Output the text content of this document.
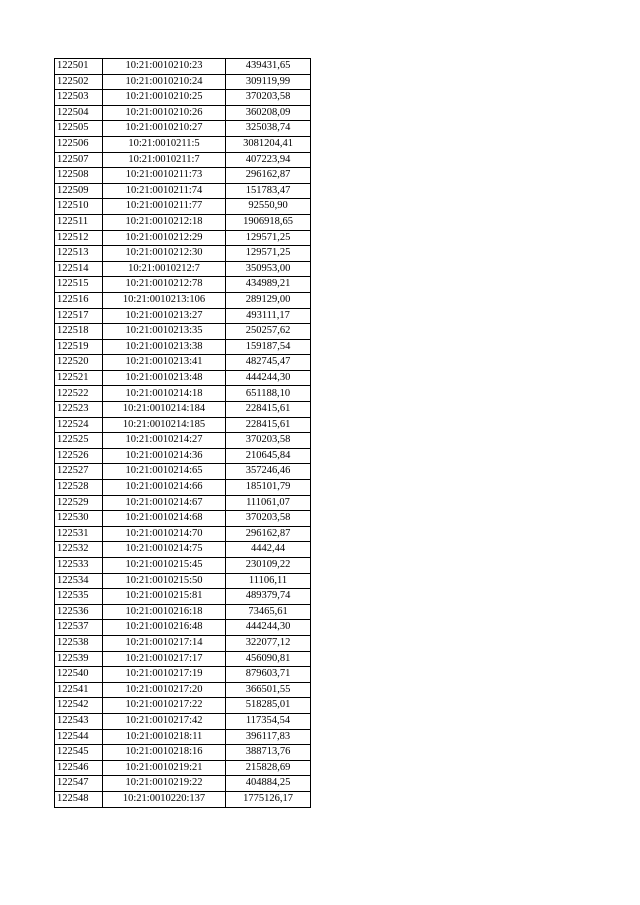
122501	10:21:0010210:23	439431,65
122502	10:21:0010210:24	309119,99
122503	10:21:0010210:25	370203,58
122504	10:21:0010210:26	360208,09
122505	10:21:0010210:27	325038,74
122506	10:21:0010211:5	3081204,41
122507	10:21:0010211:7	407223,94
122508	10:21:0010211:73	296162,87
122509	10:21:0010211:74	151783,47
122510	10:21:0010211:77	92550,90
122511	10:21:0010212:18	1906918,65
122512	10:21:0010212:29	129571,25
122513	10:21:0010212:30	129571,25
122514	10:21:0010212:7	350953,00
122515	10:21:0010212:78	434989,21
122516	10:21:0010213:106	289129,00
122517	10:21:0010213:27	493111,17
122518	10:21:0010213:35	250257,62
122519	10:21:0010213:38	159187,54
122520	10:21:0010213:41	482745,47
122521	10:21:0010213:48	444244,30
122522	10:21:0010214:18	651188,10
122523	10:21:0010214:184	228415,61
122524	10:21:0010214:185	228415,61
122525	10:21:0010214:27	370203,58
122526	10:21:0010214:36	210645,84
122527	10:21:0010214:65	357246,46
122528	10:21:0010214:66	185101,79
122529	10:21:0010214:67	111061,07
122530	10:21:0010214:68	370203,58
122531	10:21:0010214:70	296162,87
122532	10:21:0010214:75	4442,44
122533	10:21:0010215:45	230109,22
122534	10:21:0010215:50	11106,11
122535	10:21:0010215:81	489379,74
122536	10:21:0010216:18	73465,61
122537	10:21:0010216:48	444244,30
122538	10:21:0010217:14	322077,12
122539	10:21:0010217:17	456090,81
122540	10:21:0010217:19	879603,71
122541	10:21:0010217:20	366501,55
122542	10:21:0010217:22	518285,01
122543	10:21:0010217:42	117354,54
122544	10:21:0010218:11	396117,83
122545	10:21:0010218:16	388713,76
122546	10:21:0010219:21	215828,69
122547	10:21:0010219:22	404884,25
122548	10:21:0010220:137	1775126,17
